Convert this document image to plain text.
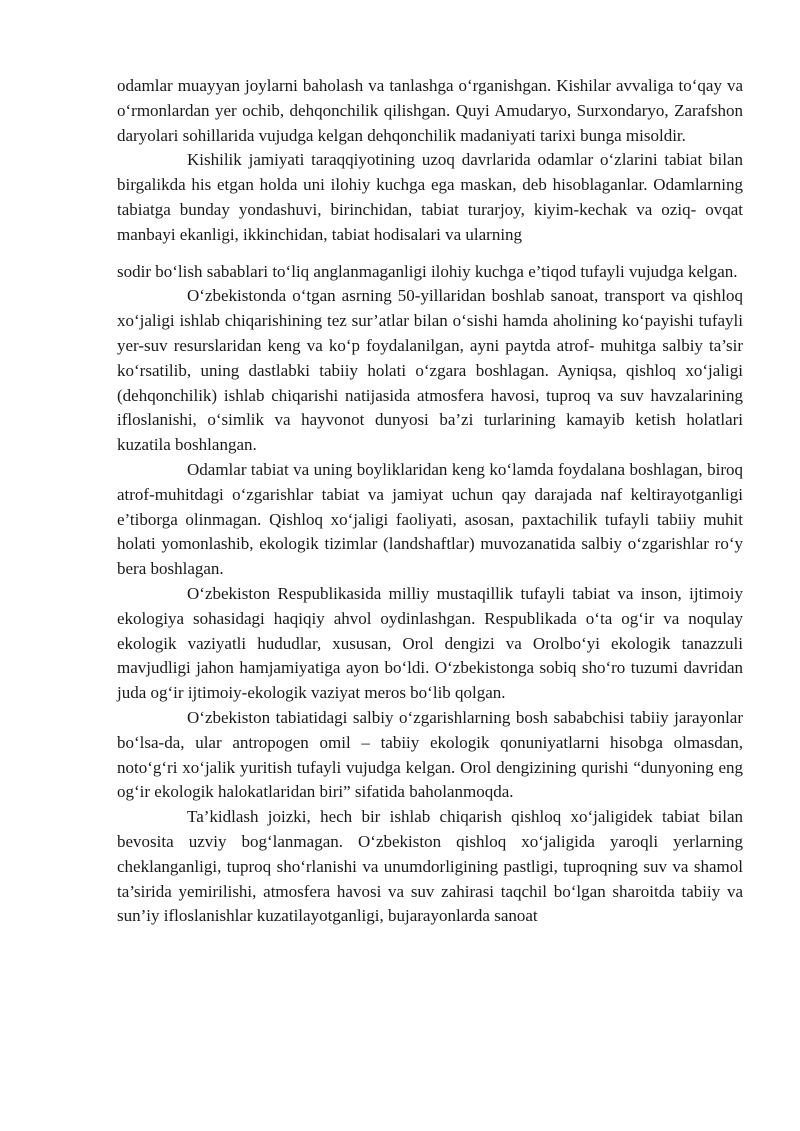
odamlar muayyan joylarni baholash va tanlashga o‘rganishgan. Kishilar avvaliga to‘qay va o‘rmonlardan yer ochib, dehqonchilik qilishgan. Quyi Amudaryo, Surxondaryo, Zarafshon daryolari sohillarida vujudga kelgan dehqonchilik madaniyati tarixi bunga misoldir.

Kishilik jamiyati taraqqiyotining uzoq davrlarida odamlar o‘zlarini tabiat bilan birgalikda his etgan holda uni ilohiy kuchga ega maskan, deb hisoblaganlar. Odamlarning tabiatga bunday yondashuvi, birinchidan, tabiat turarjoy, kiyim-kechak va oziq- ovqat manbayi ekanligi, ikkinchidan, tabiat hodisalari va ularning

sodir bo‘lish sabablari to‘liq anglanmaganligi ilohiy kuchga e’tiqod tufayli vujudga kelgan.

O‘zbekistonda o‘tgan asrning 50-yillaridan boshlab sanoat, transport va qishloq xo‘jaligi ishlab chiqarishining tez sur’atlar bilan o‘sishi hamda aholining ko‘payishi tufayli yer-suv resurslaridan keng va ko‘p foydalanilgan, ayni paytda atrof- muhitga salbiy ta’sir ko‘rsatilib, uning dastlabki tabiiy holati o‘zgara boshlagan. Ayniqsa, qishloq xo‘jaligi (dehqonchilik) ishlab chiqarishi natijasida atmosfera havosi, tuproq va suv havzalarining ifloslanishi, o‘simlik va hayvonot dunyosi ba’zi turlarining kamayib ketish holatlari kuzatila boshlangan.

Odamlar tabiat va uning boyliklaridan keng ko‘lamda foydalana boshlagan, biroq atrof-muhitdagi o‘zgarishlar tabiat va jamiyat uchun qay darajada naf keltirayotganligi e’tiborga olinmagan. Qishloq xo‘jaligi faoliyati, asosan, paxtachilik tufayli tabiiy muhit holati yomonlashib, ekologik tizimlar (landshaftlar) muvozanatida salbiy o‘zgarishlar ro‘y bera boshlagan.

O‘zbekiston Respublikasida milliy mustaqillik tufayli tabiat va inson, ijtimoiy ekologiya sohasidagi haqiqiy ahvol oydinlashgan. Respublikada o‘ta og‘ir va noqulay ekologik vaziyatli hududlar, xususan, Orol dengizi va Orolbo‘yi ekologik tanazzuli mavjudligi jahon hamjamiyatiga ayon bo‘ldi. O‘zbekistonga sobiq sho‘ro tuzumi davridan juda og‘ir ijtimoiy-ekologik vaziyat meros bo‘lib qolgan.

O‘zbekiston tabiatidagi salbiy o‘zgarishlarning bosh sababchisi tabiiy jarayonlar bo‘lsa-da, ular antropogen omil – tabiiy ekologik qonuniyatlarni hisobga olmasdan, noto‘g‘ri xo‘jalik yuritish tufayli vujudga kelgan. Orol dengizining qurishi “dunyoning eng og‘ir ekologik halokatlaridan biri” sifatida baholanmoqda.

Ta’kidlash joizki, hech bir ishlab chiqarish qishloq xo‘jaligidek tabiat bilan bevosita uzviy bog‘lanmagan. O‘zbekiston qishloq xo‘jaligida yaroqli yerlarning cheklanganligi, tuproq sho‘rlanishi va unumdorligining pastligi, tuproqning suv va shamol ta’sirida yemirilishi, atmosfera havosi va suv zahirasi taqchil bo‘lgan sharoitda tabiiy va sun’iy ifloslanishlar kuzatilayotganligi, bujarayonlarda sanoat
